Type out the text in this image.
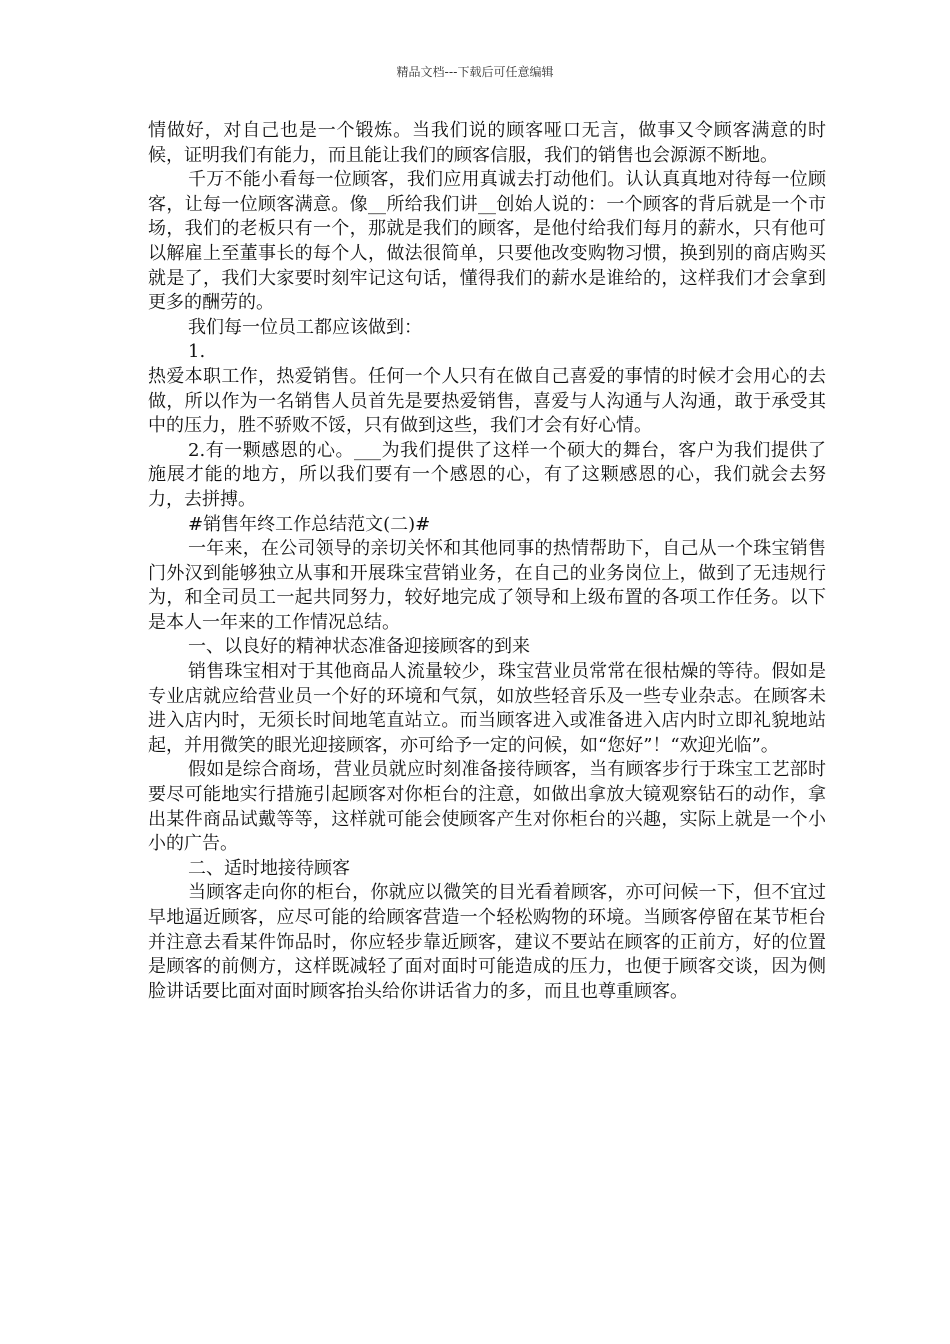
精品文档---下载后可任意编辑

情做好，对自己也是一个锻炼。当我们说的顾客哑口无言，做事又令顾客满意的时候，证明我们有能力，而且能让我们的顾客信服，我们的销售也会源源不断地。

千万不能小看每一位顾客，我们应用真诚去打动他们。认认真真地对待每一位顾客，让每一位顾客满意。像__所给我们讲__创始人说的：一个顾客的背后就是一个市场，我们的老板只有一个，那就是我们的顾客，是他付给我们每月的薪水，只有他可以解雇上至董事长的每个人，做法很简单，只要他改变购物习惯，换到别的商店购买就是了，我们大家要时刻牢记这句话，懂得我们的薪水是谁给的，这样我们才会拿到更多的酬劳的。

我们每一位员工都应该做到：

1.

热爱本职工作，热爱销售。任何一个人只有在做自己喜爱的事情的时候才会用心的去做，所以作为一名销售人员首先是要热爱销售，喜爱与人沟通与人沟通，敢于承受其中的压力，胜不骄败不馁，只有做到这些，我们才会有好心情。

2.有一颗感恩的心。___为我们提供了这样一个硕大的舞台，客户为我们提供了施展才能的地方，所以我们要有一个感恩的心，有了这颗感恩的心，我们就会去努力，去拼搏。

#销售年终工作总结范文(二)#

一年来，在公司领导的亲切关怀和其他同事的热情帮助下，自己从一个珠宝销售门外汉到能够独立从事和开展珠宝营销业务，在自己的业务岗位上，做到了无违规行为，和全司员工一起共同努力，较好地完成了领导和上级布置的各项工作任务。以下是本人一年来的工作情况总结。

一、以良好的精神状态准备迎接顾客的到来

销售珠宝相对于其他商品人流量较少，珠宝营业员常常在很枯燥的等待。假如是专业店就应给营业员一个好的环境和气氛，如放些轻音乐及一些专业杂志。在顾客未进入店内时，无须长时间地笔直站立。而当顾客进入或准备进入店内时立即礼貌地站起，并用微笑的眼光迎接顾客，亦可给予一定的问候，如“您好”！“欢迎光临”。

假如是综合商场，营业员就应时刻准备接待顾客，当有顾客步行于珠宝工艺部时要尽可能地实行措施引起顾客对你柜台的注意，如做出拿放大镜观察钻石的动作，拿出某件商品试戴等等，这样就可能会使顾客产生对你柜台的兴趣，实际上就是一个小小的广告。

二、适时地接待顾客

当顾客走向你的柜台，你就应以微笑的目光看着顾客，亦可问候一下，但不宜过早地逼近顾客，应尽可能的给顾客营造一个轻松购物的环境。当顾客停留在某节柜台并注意去看某件饰品时，你应轻步靠近顾客，建议不要站在顾客的正前方，好的位置是顾客的前侧方，这样既减轻了面对面时可能造成的压力，也便于顾客交谈，因为侧脸讲话要比面对面时顾客抬头给你讲话省力的多，而且也尊重顾客。
